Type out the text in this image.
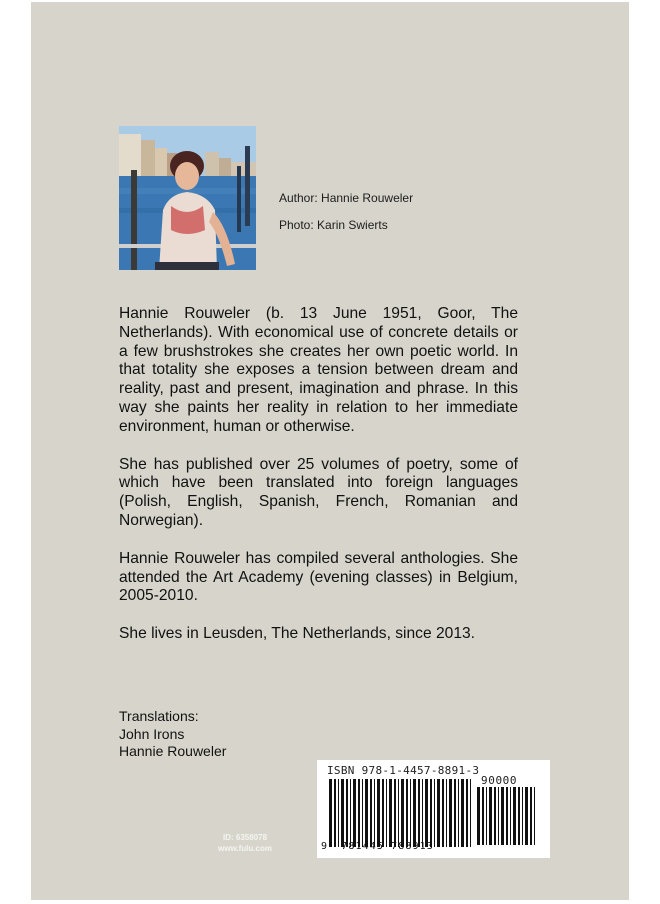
Author: Hannie Rouweler
Photo: Karin Swierts

Hannie Rouweler (b. 13 June 1951, Goor, The Netherlands). With economical use of concrete details or a few brushstrokes she creates her own poetic world. In that totality she exposes a tension between dream and reality, past and present, imagination and phrase. In this way she paints her reality in relation to her immediate environment, human or otherwise.

She has published over 25 volumes of poetry, some of which have been translated into foreign languages (Polish, English, Spanish, French, Romanian and Norwegian).

Hannie Rouweler has compiled several anthologies. She attended the Art Academy (evening classes) in Belgium, 2005-2010.

She lives in Leusden, The Netherlands, since 2013.

Translations:
John Irons
Hannie Rouweler
ID: 6358078
www.fulu.com
ISBN 978-1-4457-8891-3
90000
9 781445 788913
